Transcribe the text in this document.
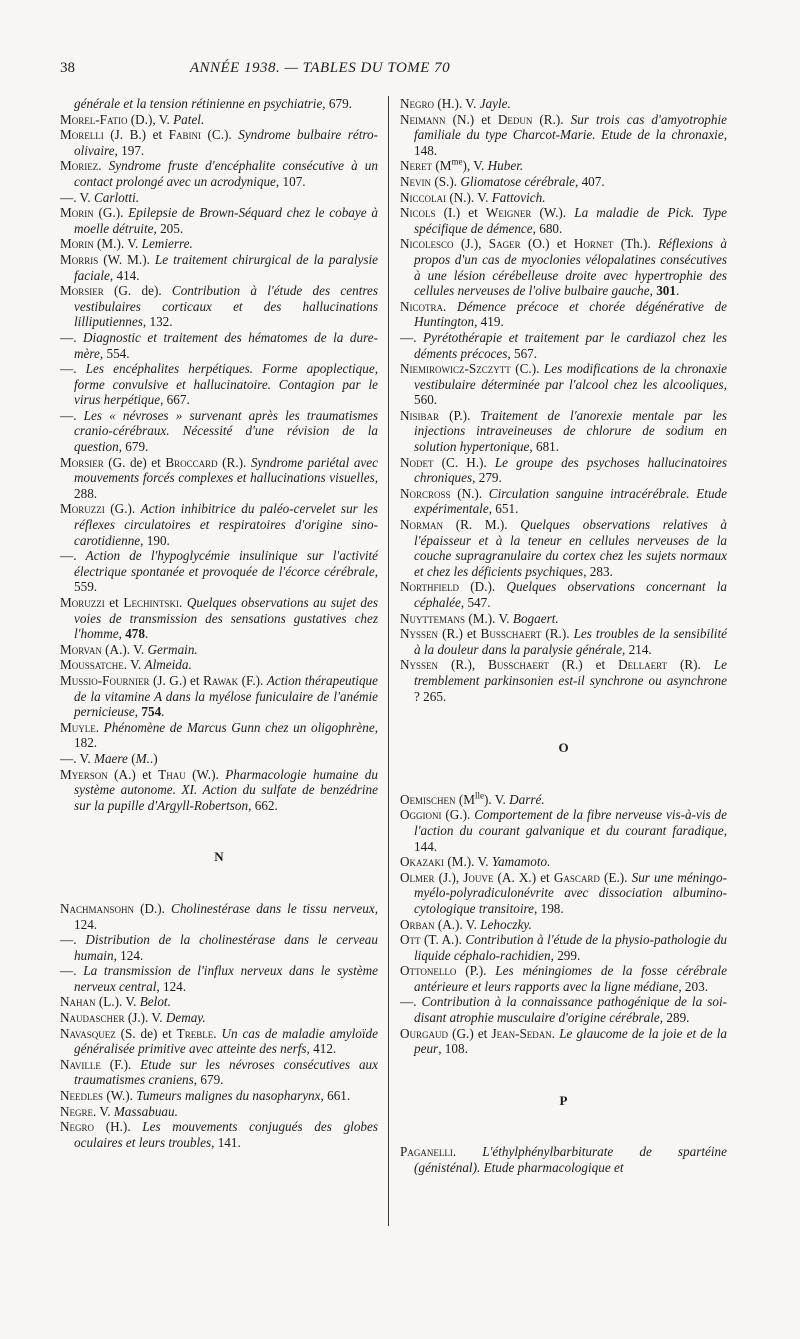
38	ANNÉE 1938. — TABLES DU TOME 70

générale et la tension rétinienne en psychiatrie, 679.

Morel-Fatio (D.), V. Patel.

Morelli (J. B.) et Fabini (C.). Syndrome bulbaire rétro-olivaire, 197.

Moriez. Syndrome fruste d'encéphalite consécutive à un contact prolongé avec un acrodynique, 107.

—. V. Carlotti.

Morin (G.). Epilepsie de Brown-Séquard chez le cobaye à moelle détruite, 205.

Morin (M.). V. Lemierre.

Morris (W. M.). Le traitement chirurgical de la paralysie faciale, 414.

Morsier (G. de). Contribution à l'étude des centres vestibulaires corticaux et des hallucinations lilliputiennes, 132.

—. Diagnostic et traitement des hématomes de la dure-mère, 554.

—. Les encéphalites herpétiques. Forme apoplectique, forme convulsive et hallucinatoire. Contagion par le virus herpétique, 667.

—. Les « névroses » survenant après les traumatismes cranio-cérébraux. Nécessité d'une révision de la question, 679.

Morsier (G. de) et Broccard (R.). Syndrome pariétal avec mouvements forcés complexes et hallucinations visuelles, 288.

Moruzzi (G.). Action inhibitrice du paléo-cervelet sur les réflexes circulatoires et respiratoires d'origine sino-carotidienne, 190.

—. Action de l'hypoglycémie insulinique sur l'activité électrique spontanée et provoquée de l'écorce cérébrale, 559.

Moruzzi et Lechintski. Quelques observations au sujet des voies de transmission des sensations gustatives chez l'homme, 478.

Morvan (A.). V. Germain.

Moussatche. V. Almeida.

Mussio-Fournier (J. G.) et Rawak (F.). Action thérapeutique de la vitamine A dans la myélose funiculaire de l'anémie pernicieuse, 754.

Muyle. Phénomène de Marcus Gunn chez un oligophrène, 182.

—. V. Maere (M..)

Myerson (A.) et Thau (W.). Pharmacologie humaine du système autonome. XI. Action du sulfate de benzédrine sur la pupille d'Argyll-Robertson, 662.

N

Nachmansohn (D.). Cholinestérase dans le tissu nerveux, 124.

—. Distribution de la cholinestérase dans le cerveau humain, 124.

—. La transmission de l'influx nerveux dans le système nerveux central, 124.

Nahan (L.). V. Belot.

Naudascher (J.). V. Demay.

Navasquez (S. de) et Treble. Un cas de maladie amyloïde généralisée primitive avec atteinte des nerfs, 412.

Naville (F.). Etude sur les névroses consécutives aux traumatismes craniens, 679.

Needles (W.). Tumeurs malignes du nasopharynx, 661.

Negre. V. Massabuau.

Negro (H.). Les mouvements conjugués des globes oculaires et leurs troubles, 141.

Negro (H.). V. Jayle.

Neimann (N.) et Dedun (R.). Sur trois cas d'amyotrophie familiale du type Charcot-Marie. Etude de la chronaxie, 148.

Neret $(M^{me})$, V. Huber.

Nevin (S.). Gliomatose cérébrale, 407.

Niccolai (N.). V. Fattovich.

Nicols (I.) et Weigner (W.). La maladie de Pick. Type spécifique de démence, 680.

Nicolesco (J.), Sager (O.) et Hornet (Th.). Réflexions à propos d'un cas de myoclonies vélopalatines consécutives à une lésion cérébelleuse droite avec hypertrophie des cellules nerveuses de l'olive bulbaire gauche, 301.

Nicotra. Démence précoce et chorée dégénérative de Huntington, 419.

—. Pyrétothérapie et traitement par le cardiazol chez les déments précoces, 567.

Niemirowicz-Szczytt (C.). Les modifications de la chronaxie vestibulaire déterminée par l'alcool chez les alcooliques, 560.

Nisibar (P.). Traitement de l'anorexie mentale par les injections intraveineuses de chlorure de sodium en solution hypertonique, 681.

Nodet (C. H.). Le groupe des psychoses hallucinatoires chroniques, 279.

Norcross (N.). Circulation sanguine intracérébrale. Etude expérimentale, 651.

Norman (R. M.). Quelques observations relatives à l'épaisseur et à la teneur en cellules nerveuses de la couche supragranulaire du cortex chez les sujets normaux et chez les déficients psychiques, 283.

Northfield (D.). Quelques observations concernant la céphalée, 547.

Nuyttemans (M.). V. Bogaert.

Nyssen (R.) et Busschaert (R.). Les troubles de la sensibilité à la douleur dans la paralysie générale, 214.

Nyssen (R.), Busschaert (R.) et Dellaert (R). Le tremblement parkinsonien est-il synchrone ou asynchrone ? 265.

O

Oemischen $(M^{lle})$. V. Darré.

Oggioni (G.). Comportement de la fibre nerveuse vis-à-vis de l'action du courant galvanique et du courant faradique, 144.

Okazaki (M.). V. Yamamoto.

Olmer (J.), Jouve (A. X.) et Gascard (E.). Sur une méningo-myélo-polyradiculonévrite avec dissociation albumino-cytologique transitoire, 198.

Orban (A.). V. Lehoczky.

Ott (T. A.). Contribution à l'étude de la physio-pathologie du liquide céphalo-rachidien, 299.

Ottonello (P.). Les méningiomes de la fosse cérébrale antérieure et leurs rapports avec la ligne médiane, 203.

—. Contribution à la connaissance pathogénique de la soi-disant atrophie musculaire d'origine cérébrale, 289.

Ourgaud (G.) et Jean-Sedan. Le glaucome de la joie et de la peur, 108.

P

Paganelli. L'éthylphénylbarbiturate de spartéine (génisténal). Etude pharmacologique et
